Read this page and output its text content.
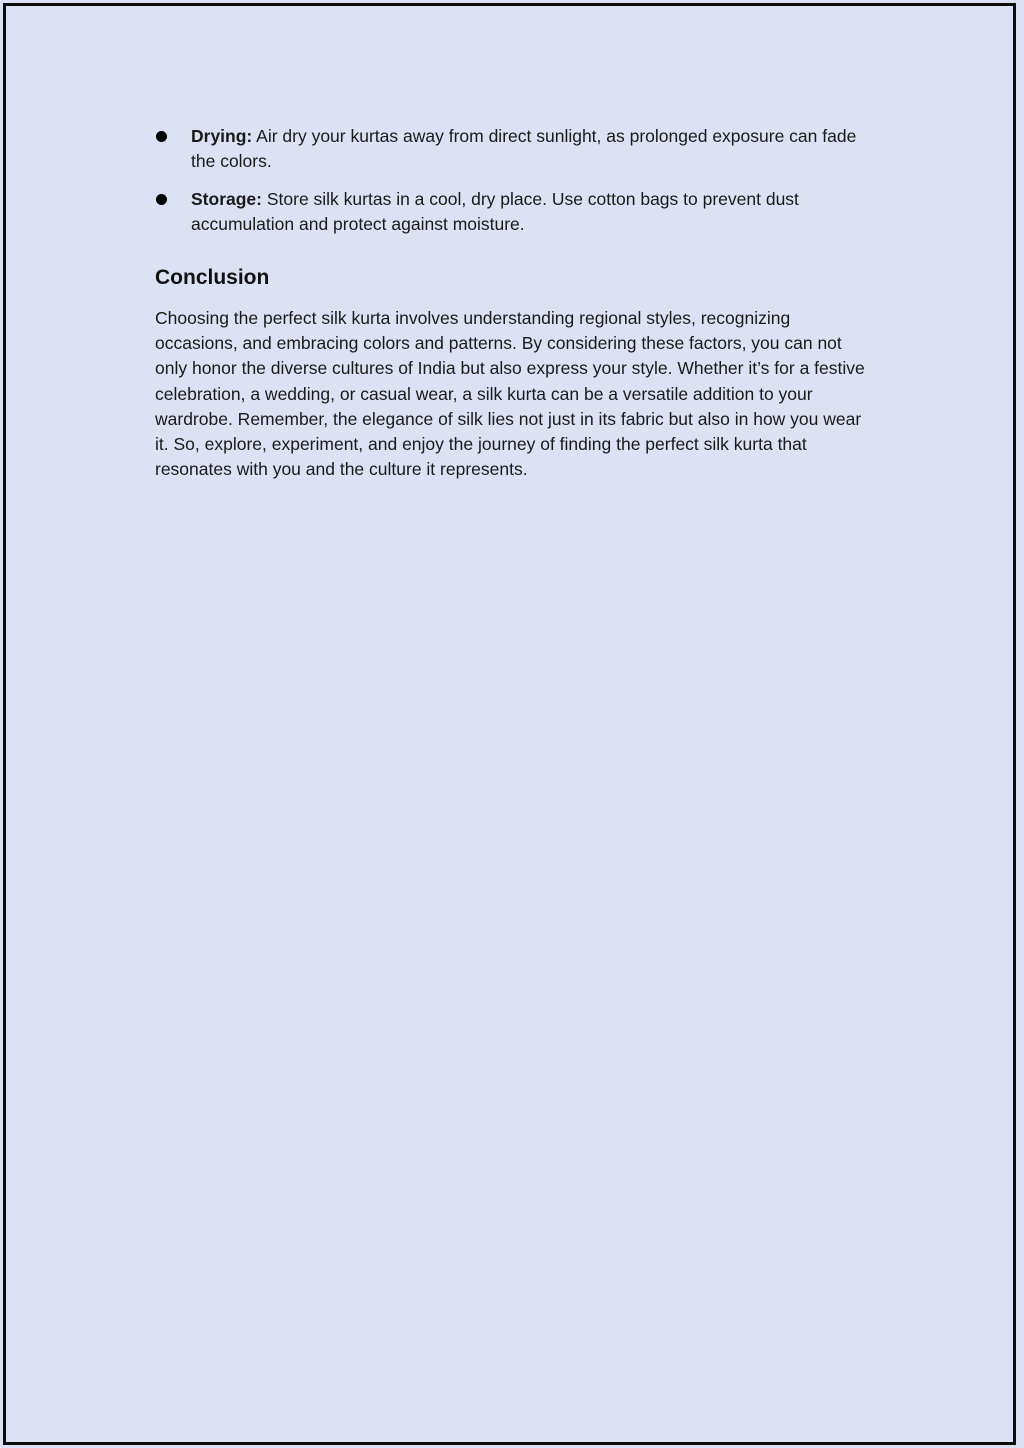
Drying: Air dry your kurtas away from direct sunlight, as prolonged exposure can fade the colors.
Storage: Store silk kurtas in a cool, dry place. Use cotton bags to prevent dust accumulation and protect against moisture.
Conclusion

Choosing the perfect silk kurta involves understanding regional styles, recognizing occasions, and embracing colors and patterns. By considering these factors, you can not only honor the diverse cultures of India but also express your style. Whether it’s for a festive celebration, a wedding, or casual wear, a silk kurta can be a versatile addition to your wardrobe. Remember, the elegance of silk lies not just in its fabric but also in how you wear it. So, explore, experiment, and enjoy the journey of finding the perfect silk kurta that resonates with you and the culture it represents.
